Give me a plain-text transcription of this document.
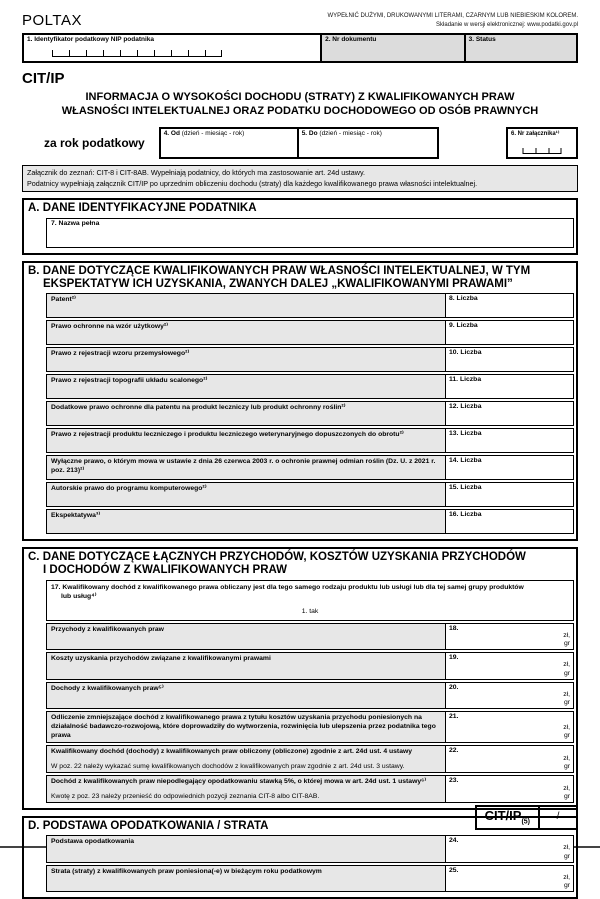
POLTAX	WYPEŁNIĆ DUŻYMI, DRUKOWANYMI LITERAMI, CZARNYM LUB NIEBIESKIM KOLOREM.
Składanie w wersji elektronicznej: www.podatki.gov.pl
1. Identyfikator podatkowy NIP podatnika	2. Nr dokumentu	3. Status
CIT/IP
INFORMACJA O WYSOKOŚCI DOCHODU (STRATY) Z KWALIFIKOWANYCH PRAW WŁASNOŚCI INTELEKTUALNEJ ORAZ PODATKU DOCHODOWEGO OD OSÓB PRAWNYCH
za rok podatkowy
4. Od (dzień - miesiąc - rok)	5. Do (dzień - miesiąc - rok)	6. Nr załącznika¹⁾
Załącznik do zeznań: CIT-8 i CIT-8AB. Wypełniają podatnicy, do których ma zastosowanie art. 24d ustawy.
Podatnicy wypełniają załącznik CIT/IP po uprzednim obliczeniu dochodu (straty) dla każdego kwalifikowanego prawa własności intelektualnej.
A. DANE IDENTYFIKACYJNE PODATNIKA
7. Nazwa pełna
B. DANE DOTYCZĄCE KWALIFIKOWANYCH PRAW WŁASNOŚCI INTELEKTUALNEJ, W TYM
EKSPEKTATYW ICH UZYSKANIA, ZWANYCH DALEJ „KWALIFIKOWANYMI PRAWAMI”
Patent²⁾	8. Liczba
Prawo ochronne na wzór użytkowy²⁾	9. Liczba
Prawo z rejestracji wzoru przemysłowego²⁾	10. Liczba
Prawo z rejestracji topografii układu scalonego²⁾	11. Liczba
Dodatkowe prawo ochronne dla patentu na produkt leczniczy lub produkt ochronny roślin²⁾	12. Liczba
Prawo z rejestracji produktu leczniczego i produktu leczniczego weterynaryjnego dopuszczonych do obrotu²⁾	13. Liczba
Wyłączne prawo, o którym mowa w ustawie z dnia 26 czerwca 2003 r. o ochronie prawnej odmian roślin (Dz. U. z 2021 r. poz. 213)²⁾
14. Liczba
Autorskie prawo do programu komputerowego²⁾	15. Liczba
Ekspektatywa³⁾	16. Liczba
C. DANE DOTYCZĄCE ŁĄCZNYCH PRZYCHODÓW, KOSZTÓW UZYSKANIA PRZYCHODÓW
I DOCHODÓW Z KWALIFIKOWANYCH PRAW
17. Kwalifikowany dochód z kwalifikowanego prawa obliczany jest dla tego samego rodzaju produktu lub usługi lub dla tej samej grupy produktów
lub usług⁴⁾
1. tak
Przychody z kwalifikowanych praw	18.
zł,
gr
Koszty uzyskania przychodów związane z kwalifikowanymi prawami	19.
zł,
gr
Dochody z kwalifikowanych praw⁵⁾	20.
zł,
gr
Odliczenie zmniejszające dochód z kwalifikowanego prawa z tytułu kosztów uzyskania przychodu poniesionych na działalność badawczo-rozwojową, które doprowadziły do wytworzenia, rozwinięcia lub ulepszenia przez podatnika tego prawa
21.
zł,
gr
Kwalifikowany dochód (dochody) z kwalifikowanych praw obliczony (obliczone) zgodnie z art. 24d ust. 4 ustawy
W poz. 22 należy wykazać sumę kwalifikowanych dochodów z kwalifikowanych praw zgodnie z art. 24d ust. 3 ustawy.
22.
zł,
gr
Dochód z kwalifikowanych praw niepodlegający opodatkowaniu stawką 5%, o której mowa w art. 24d ust. 1 ustawy⁶⁾
Kwotę z poz. 23 należy przenieść do odpowiednich pozycji zeznania CIT-8 albo CIT-8AB.
23.
zł,
gr
D. PODSTAWA OPODATKOWANIA / STRATA
Podstawa opodatkowania	24.
zł,
gr
Strata (straty) z kwalifikowanych praw poniesiona(-e) w bieżącym roku podatkowym	25.
zł,
gr
CIT/$IP_{(5)}$
/
